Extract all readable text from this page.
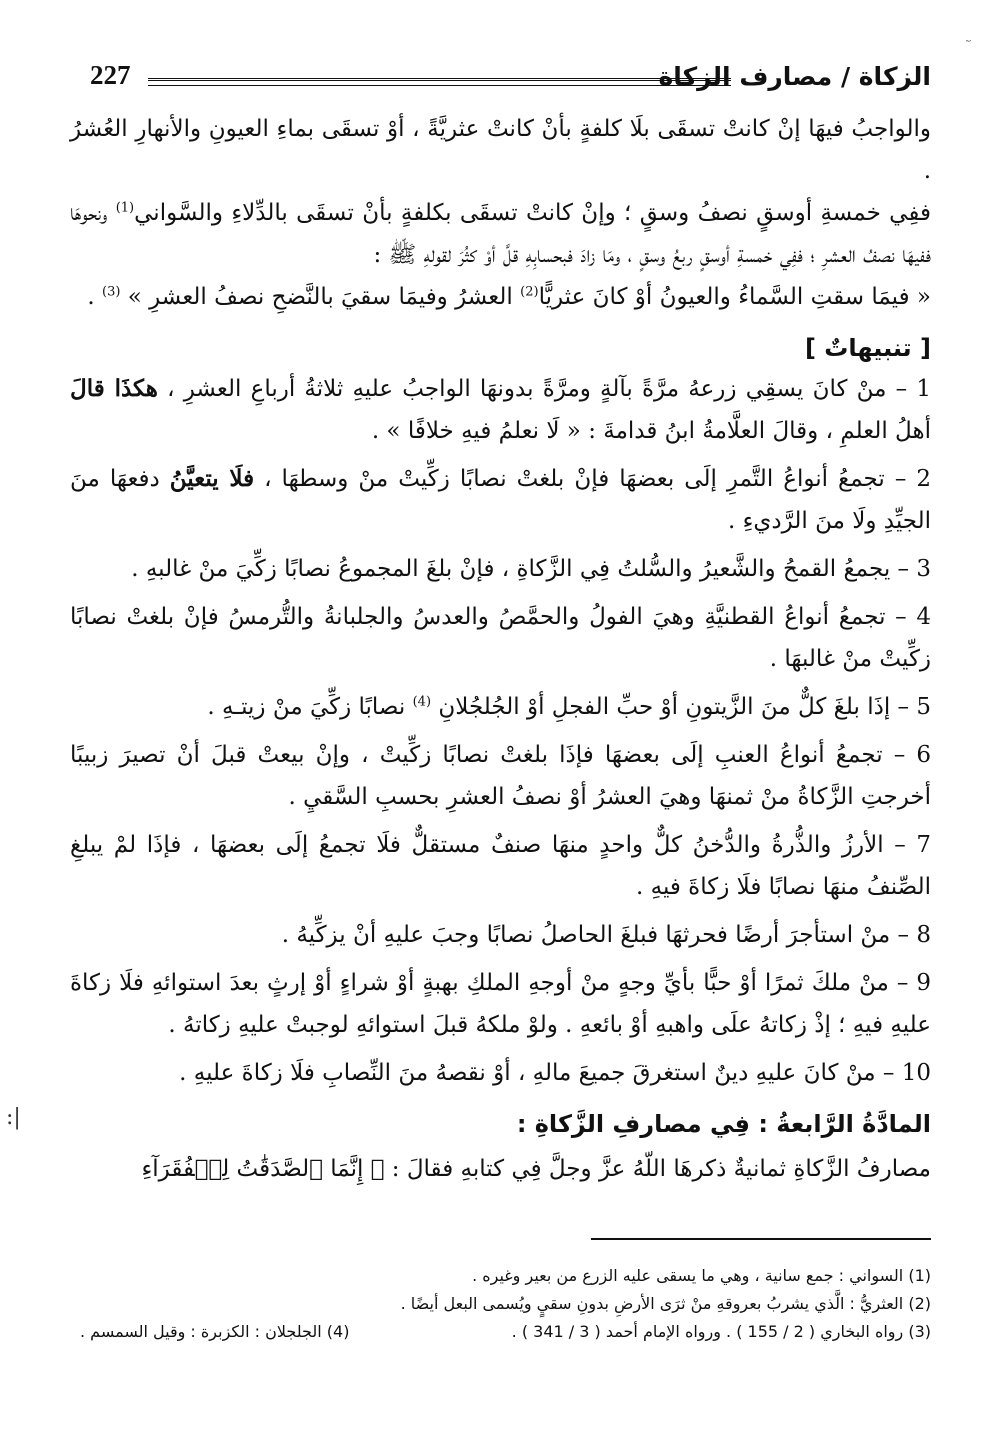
الزكاة / مصارف الزكاة
227

والواجبُ فيهَا إنْ كانتْ تسقَى بلَا كلفةٍ بأنْ كانتْ عثريَّةً ، أوْ تسقَى بماءِ العيونِ والأنهارِ العُشرُ .

ففِي خمسةِ أوسقٍ نصفُ وسقٍ ؛ وإنْ كانتْ تسقَى بكلفةٍ بأنْ تسقَى بالدِّلاءِ والسَّواني$^{(1)}$ ونحوهَا ففيهَا نصفُ العشرِ ؛ ففِي خمسةِ أوسقٍ ربعُ وسقٍ ، ومَا زادَ فبحسابِهِ قلَّ أوْ كثُرَ لقولهِ ﷺ :

« فيمَا سقتِ السَّماءُ والعيونُ أوْ كانَ عثريًّا$^{(2)}$ العشرُ وفيمَا سقيَ بالنَّضحِ نصفُ العشرِ » $^{(3)}$ .

[ تنبيهاتٌ ]

1 – منْ كانَ يسقِي زرعهُ مرَّةً بآلةٍ ومرَّةً بدونهَا الواجبُ عليهِ ثلاثةُ أرباعِ العشرِ ، هكذَا قالَ أهلُ العلمِ ، وقالَ العلَّامةُ ابنُ قدامةَ : « لَا نعلمُ فيهِ خلافًا » .

2 – تجمعُ أنواعُ التَّمرِ إلَى بعضهَا فإنْ بلغتْ نصابًا زكِّيتْ منْ وسطهَا ، فلَا يتعيَّنُ دفعهَا منَ الجيِّدِ ولَا منَ الرَّديءِ .

3 – يجمعُ القمحُ والشَّعيرُ والسُّلتُ فِي الزَّكاةِ ، فإنْ بلغَ المجموعُ نصابًا زكِّيَ منْ غالبهِ .

4 – تجمعُ أنواعُ القطنيَّةِ وهيَ الفولُ والحمَّصُ والعدسُ والجلبانةُ والتُّرمسُ فإنْ بلغتْ نصابًا زكِّيتْ منْ غالبهَا .

5 – إذَا بلغَ كلٌّ منَ الزَّيتونِ أوْ حبِّ الفجلِ أوْ الجُلجُلانِ $^{(4)}$ نصابًا زكِّيَ منْ زيتـهِ .

6 – تجمعُ أنواعُ العنبِ إلَى بعضهَا فإذَا بلغتْ نصابًا زكِّيتْ ، وإنْ بيعتْ قبلَ أنْ تصيرَ زبيبًا أخرجتِ الزَّكاةُ منْ ثمنهَا وهيَ العشرُ أوْ نصفُ العشرِ بحسبِ السَّقيِ .

7 – الأرزُ والذُّرةُ والدُّخنُ كلٌّ واحدٍ منهَا صنفٌ مستقلٌّ فلَا تجمعُ إلَى بعضهَا ، فإذَا لمْ يبلغِ الصِّنفُ منهَا نصابًا فلَا زكاةَ فيهِ .

8 – منْ استأجرَ أرضًا فحرثهَا فبلغَ الحاصلُ نصابًا وجبَ عليهِ أنْ يزكِّيهُ .

9 – منْ ملكَ ثمرًا أوْ حبًّا بأيِّ وجهٍ منْ أوجهِ الملكِ بهبةٍ أوْ شراءٍ أوْ إرثٍ بعدَ استوائهِ فلَا زكاةَ عليهِ فيهِ ؛ إذْ زكاتهُ علَى واهبهِ أوْ بائعهِ . ولوْ ملكهُ قبلَ استوائهِ لوجبتْ عليهِ زكاتهُ .

10 – منْ كانَ عليهِ دينٌ استغرقَ جميعَ مالهِ ، أوْ نقصهُ منَ النِّصابِ فلَا زكاةَ عليهِ .

المادَّةُ الرَّابعةُ : فِي مصارفِ الزَّكاةِ :

مصارفُ الزَّكاةِ ثمانيةٌ ذكرهَا اللّهُ عزَّ وجلَّ فِي كتابهِ فقالَ : ﴿ إِنَّمَا ٱلصَّدَقَٰتُ لِلۡفُقَرَآءِ

(1) السواني : جمع سانية ، وهي ما يسقى عليه الزرع من بعير وغيره .

(2) العثريُّ : الَّذي يشربُ بعروقهِ منْ ثرَى الأرضِ بدونِ سقيٍ ويُسمى البعل أيضًا .

(3) رواه البخاري ( 2 / 155 ) . ورواه الإمام أحمد ( 3 / 341 ) .
(4) الجلجلان : الكزبرة : وقيل السمسم .
|:
